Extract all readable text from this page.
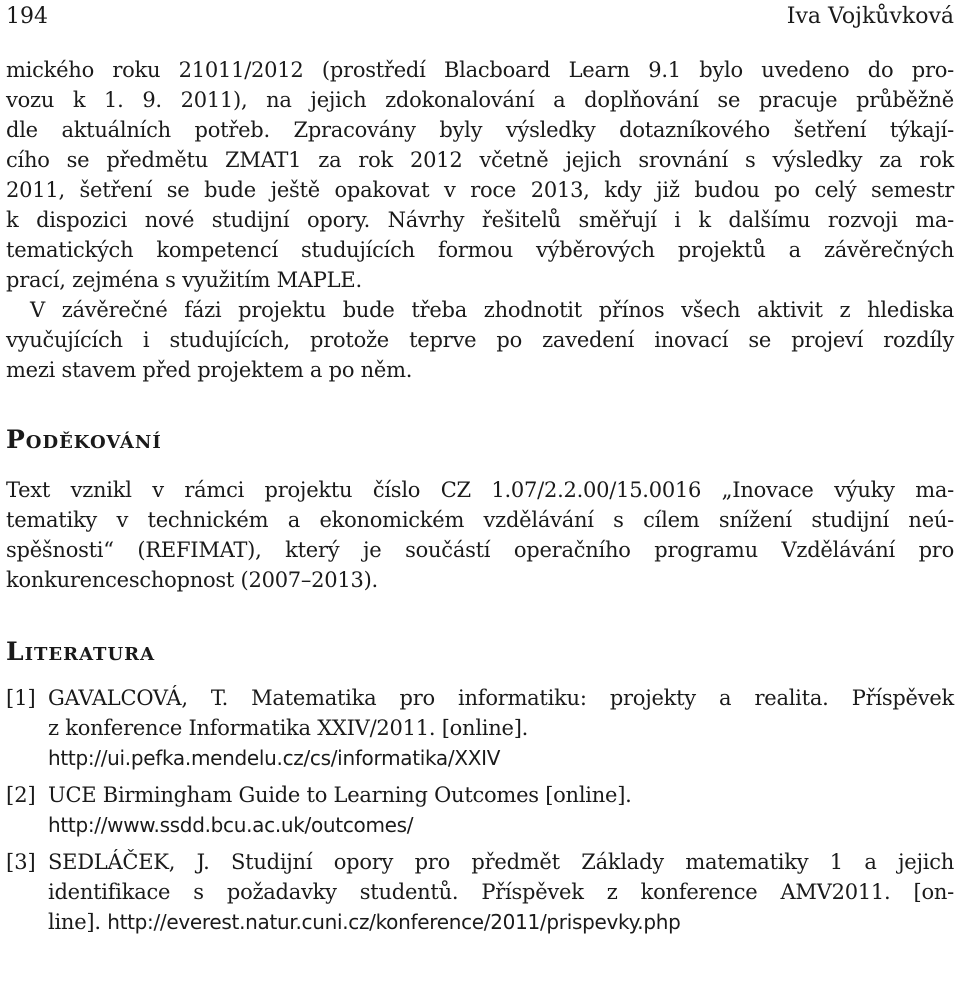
194	Iva Vojkůvková
mického roku 21011/2012 (prostředí Blacboard Learn 9.1 bylo uvedeno do pro-
vozu k 1. 9. 2011), na jejich zdokonalování a doplňování se pracuje průběžně
dle aktuálních potřeb. Zpracovány byly výsledky dotazníkového šetření týkají-
cího se předmětu ZMAT1 za rok 2012 včetně jejich srovnání s výsledky za rok
2011, šetření se bude ještě opakovat v roce 2013, kdy již budou po celý semestr
k dispozici nové studijní opory. Návrhy řešitelů směřují i k dalšímu rozvoji ma-
tematických kompetencí studujících formou výběrových projektů a závěrečných
prací, zejména s využitím MAPLE.
V závěrečné fázi projektu bude třeba zhodnotit přínos všech aktivit z hlediska
vyučujících i studujících, protože teprve po zavedení inovací se projeví rozdíly
mezi stavem před projektem a po něm.
Poděkování
Text vznikl v rámci projektu číslo CZ 1.07/2.2.00/15.0016 „Inovace výuky ma-
tematiky v technickém a ekonomickém vzdělávání s cílem snížení studijní neú-
spěšnosti“ (REFIMAT), který je součástí operačního programu Vzdělávání pro
konkurenceschopnost (2007–2013).
Literatura
[1] GAVALCOVÁ, T. Matematika pro informatiku: projekty a realita. Příspěvek
z konference Informatika XXIV/2011. [online].
http://ui.pefka.mendelu.cz/cs/informatika/XXIV
[2] UCE Birmingham Guide to Learning Outcomes [online].
http://www.ssdd.bcu.ac.uk/outcomes/
[3] SEDLÁČEK, J. Studijní opory pro předmět Základy matematiky 1 a jejich
identifikace s požadavky studentů. Příspěvek z konference AMV2011. [on-
line]. http://everest.natur.cuni.cz/konference/2011/prispevky.php
